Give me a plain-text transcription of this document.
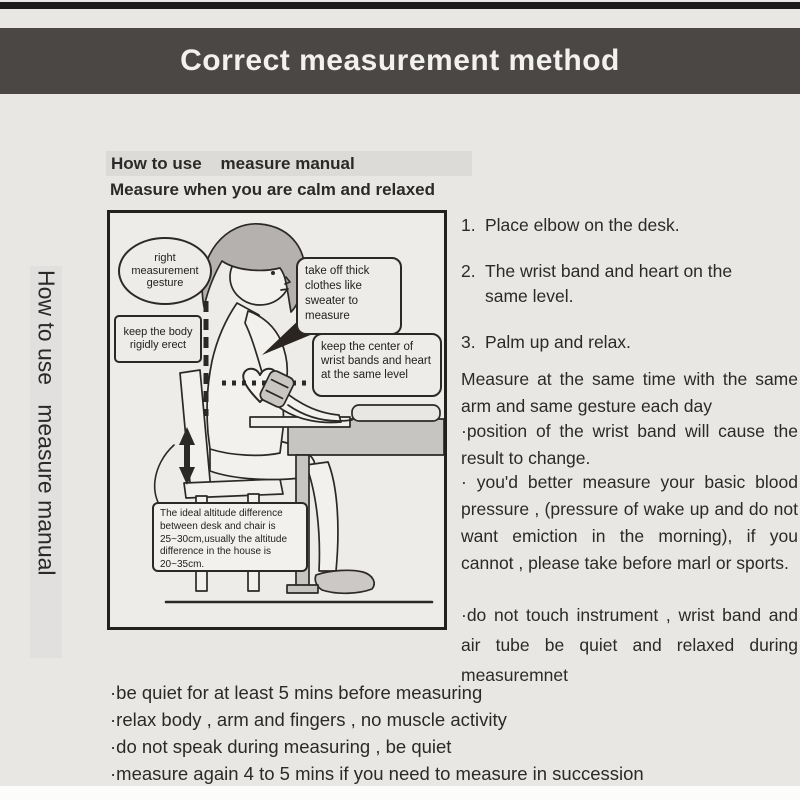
Correct measurement method
How to use   measure manual
How to use    measure manual
Measure when you are calm and relaxed
right measurement gesture
keep the body rigidly erect
take off thick clothes like sweater to measure
keep the center of wrist bands and heart at the same level
The ideal altitude difference between desk and chair is 25~30cm,usually the altitude difference in the house is 20~35cm.
1. Place elbow on the desk.
2. The wrist band and heart on the same level.
3. Palm up and relax.
Measure at the same time with the same arm and same gesture each day
·position of the wrist band will cause the result to change.
· you'd better measure your basic blood pressure , (pressure of wake up and do not want emiction in the morning), if you cannot , please take before marl or sports.
·do not touch instrument , wrist band and air tube be quiet and relaxed during measuremnet
·be quiet for at least 5 mins before measuring
·relax body , arm and fingers , no muscle activity
·do not speak during measuring , be quiet
·measure again 4 to 5 mins if you need to measure in succession
